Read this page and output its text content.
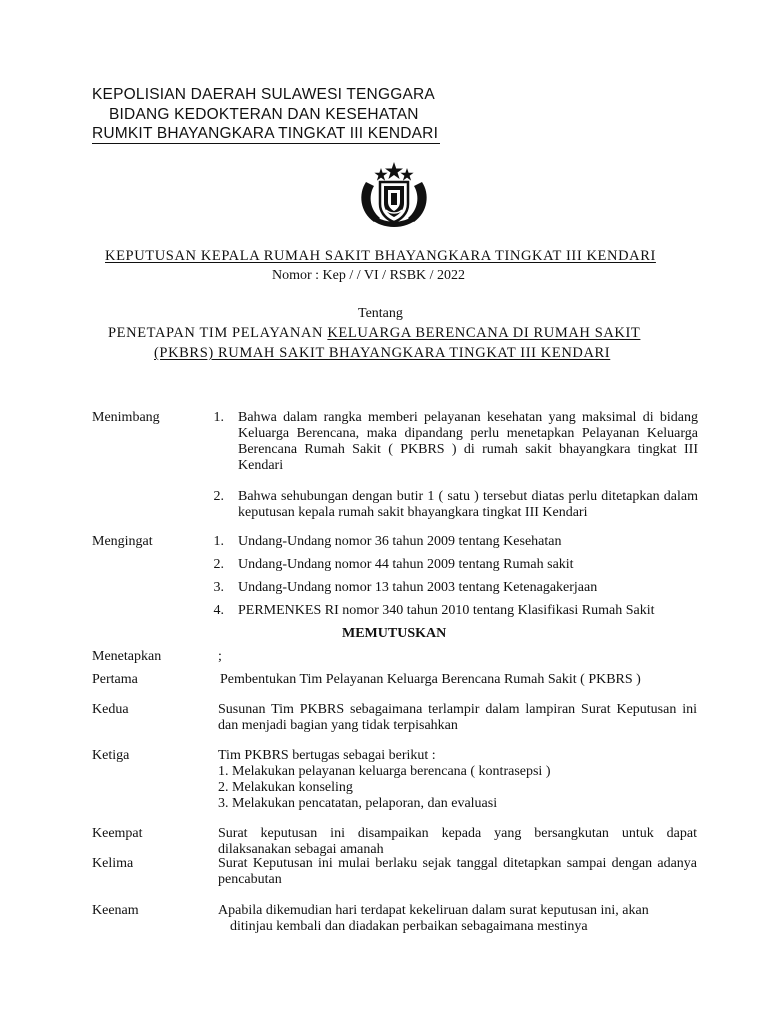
KEPOLISIAN DAERAH SULAWESI TENGGARA
BIDANG KEDOKTERAN DAN KESEHATAN
RUMKIT BHAYANGKARA TINGKAT III KENDARI
KEPUTUSAN KEPALA RUMAH SAKIT BHAYANGKARA TINGKAT III KENDARI
Nomor : Kep / / VI / RSBK / 2022
Tentang
PENETAPAN TIM PELAYANAN KELUARGA BERENCANA DI RUMAH SAKIT
(PKBRS) RUMAH SAKIT BHAYANGKARA TINGKAT III KENDARI
Menimbang	1. Bahwa dalam rangka memberi pelayanan kesehatan yang maksimal di bidang Keluarga Berencana, maka dipandang perlu menetapkan Pelayanan Keluarga Berencana Rumah Sakit ( PKBRS ) di rumah sakit bhayangkara tingkat III Kendari
2. Bahwa sehubungan dengan butir 1 ( satu ) tersebut diatas perlu ditetapkan dalam keputusan kepala rumah sakit bhayangkara tingkat III Kendari
Mengingat	1. Undang-Undang nomor 36 tahun 2009 tentang Kesehatan
2. Undang-Undang nomor 44 tahun 2009 tentang Rumah sakit
3. Undang-Undang nomor 13 tahun 2003 tentang Ketenagakerjaan
4. PERMENKES RI nomor 340 tahun 2010 tentang Klasifikasi Rumah Sakit
MEMUTUSKAN
Menetapkan	;
Pertama	Pembentukan Tim Pelayanan Keluarga Berencana Rumah Sakit ( PKBRS )
Kedua	Susunan Tim PKBRS sebagaimana terlampir dalam lampiran Surat Keputusan ini dan menjadi bagian yang tidak terpisahkan
Ketiga	Tim PKBRS bertugas sebagai berikut :
1. Melakukan pelayanan keluarga berencana ( kontrasepsi )
2. Melakukan konseling
3. Melakukan pencatatan, pelaporan, dan evaluasi
Keempat	Surat keputusan ini disampaikan kepada yang bersangkutan untuk dapat dilaksanakan sebagai amanah
Kelima	Surat Keputusan ini mulai berlaku sejak tanggal ditetapkan sampai dengan adanya pencabutan
Keenam	Apabila dikemudian hari terdapat kekeliruan dalam surat keputusan ini, akan
ditinjau kembali dan diadakan perbaikan sebagaimana mestinya
